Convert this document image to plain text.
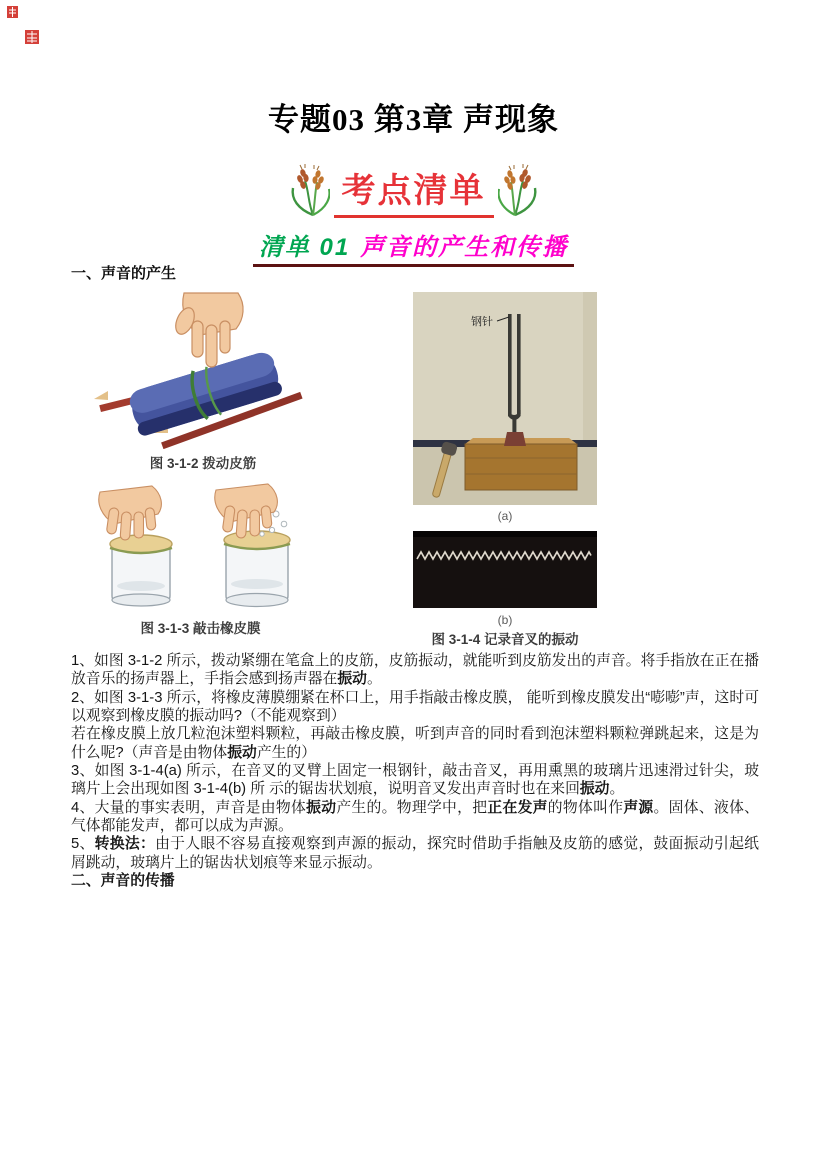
专题03 第3章 声现象
考点清单
清单 01 声音的产生和传播
一、声音的产生
图 3-1-2 拨动皮筋
图 3-1-3 敲击橡皮膜
钢针
(a)
(b)
图 3-1-4 记录音叉的振动

1、如图 3-1-2 所示，拨动紧绷在笔盒上的皮筋，皮筋振动，就能听到皮筋发出的声音。将手指放在正在播放音乐的扬声器上，手指会感到扬声器在振动。

2、如图 3-1-3 所示，将橡皮薄膜绷紧在杯口上，用手指敲击橡皮膜， 能听到橡皮膜发出“嘭嘭”声，这时可以观察到橡皮膜的振动吗?（不能观察到）

若在橡皮膜上放几粒泡沫塑料颗粒，再敲击橡皮膜，听到声音的同时看到泡沫塑料颗粒弹跳起来，这是为什么呢?（声音是由物体振动产生的）

3、如图 3-1-4(a) 所示，在音叉的叉臂上固定一根钢针，敲击音叉，再用熏黑的玻璃片迅速滑过针尖，玻璃片上会出现如图 3-1-4(b) 所 示的锯齿状划痕，说明音叉发出声音时也在来回振动。

4、大量的事实表明，声音是由物体振动产生的。物理学中，把正在发声的物体叫作声源。固体、液体、气体都能发声，都可以成为声源。

5、转换法：由于人眼不容易直接观察到声源的振动，探究时借助手指触及皮筋的感觉，鼓面振动引起纸屑跳动，玻璃片上的锯齿状划痕等来显示振动。

二、声音的传播
